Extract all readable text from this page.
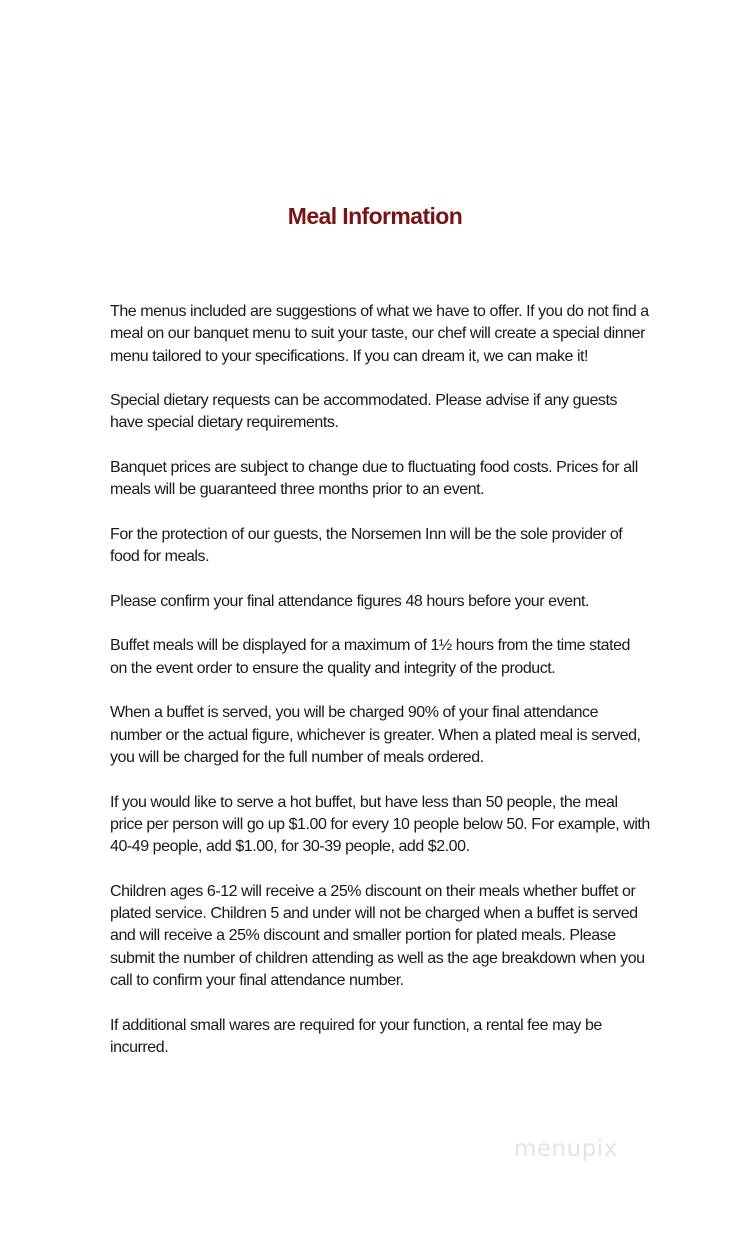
Meal Information

The menus included are suggestions of what we have to offer. If you do not find a meal on our banquet menu to suit your taste, our chef will create a special dinner menu tailored to your specifications. If you can dream it, we can make it!

Special dietary requests can be accommodated. Please advise if any guests have special dietary requirements.

Banquet prices are subject to change due to fluctuating food costs. Prices for all meals will be guaranteed three months prior to an event.

For the protection of our guests, the Norsemen Inn will be the sole provider of food for meals.

Please confirm your final attendance figures 48 hours before your event.

Buffet meals will be displayed for a maximum of 1½ hours from the time stated on the event order to ensure the quality and integrity of the product.

When a buffet is served, you will be charged 90% of your final attendance number or the actual figure, whichever is greater. When a plated meal is served, you will be charged for the full number of meals ordered.

If you would like to serve a hot buffet, but have less than 50 people, the meal price per person will go up $1.00 for every 10 people below 50. For example, with 40-49 people, add $1.00, for 30-39 people, add $2.00.

Children ages 6-12 will receive a 25% discount on their meals whether buffet or plated service. Children 5 and under will not be charged when a buffet is served and will receive a 25% discount and smaller portion for plated meals. Please submit the number of children attending as well as the age breakdown when you call to confirm your final attendance number.

If additional small wares are required for your function, a rental fee may be incurred.

menupix
